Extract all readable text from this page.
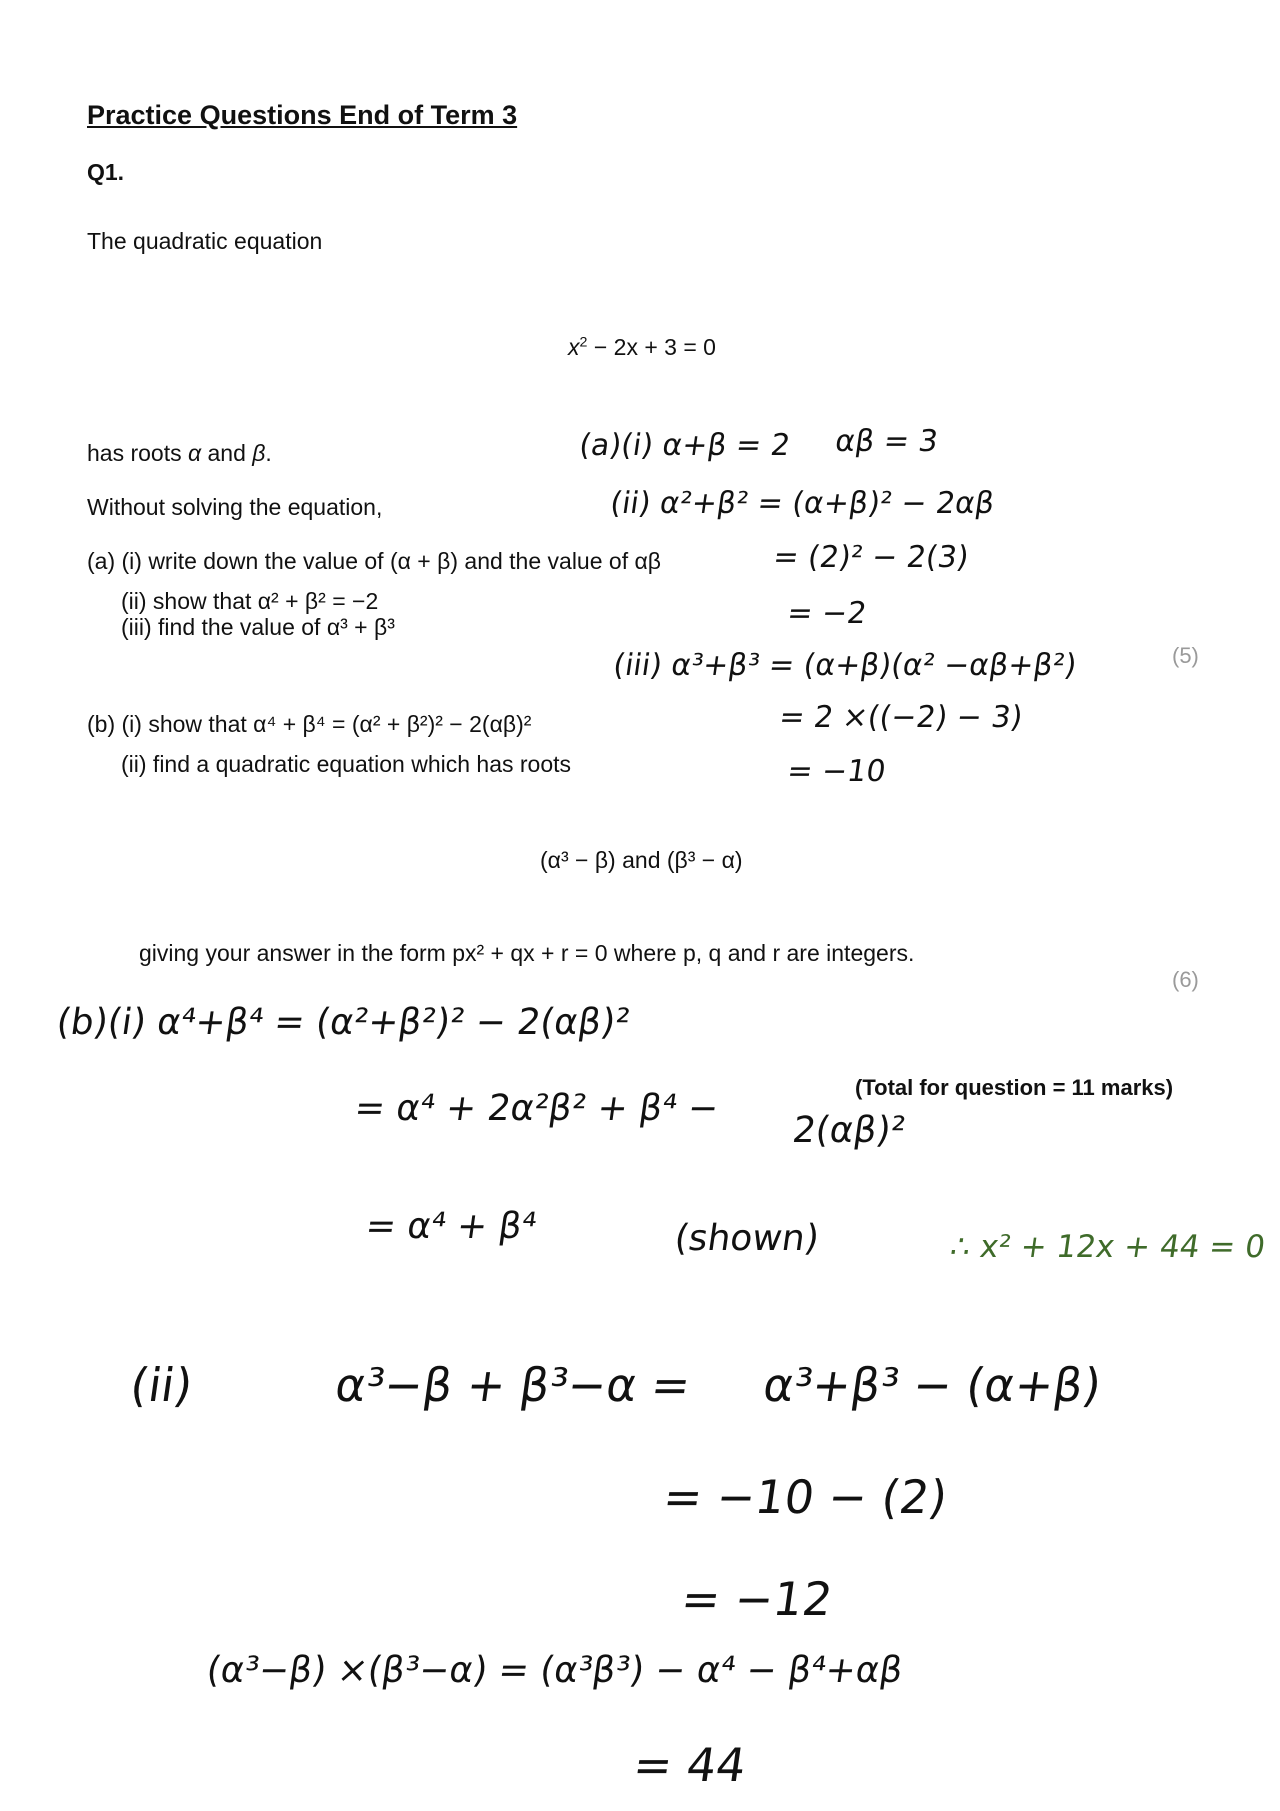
Practice Questions End of Term 3
Q1.
The quadratic equation
$x^2 - 2x + 3 = 0$
has roots α and β.
Without solving the equation,
(a) (i) write down the value of (α + β) and the value of αβ
(ii) show that α² + β² = −2
(iii) find the value of α³ + β³
(5)
(b) (i) show that α⁴ + β⁴ = (α² + β²)² − 2(αβ)²
(ii) find a quadratic equation which has roots
(α³ − β) and (β³ − α)
giving your answer in the form px² + qx + r = 0 where p, q and r are integers.
(6)
(Total for question = 11 marks)
(a)(i) α+β = 2 αβ = 3
(ii) α²+β² = (α+β)² − 2αβ
= (2)² − 2(3)
= −2
(iii) α³+β³ = (α+β)(α² −αβ+β²)
= 2 ×((−2) − 3)
= −10
(b)(i) α⁴+β⁴ = (α²+β²)² − 2(αβ)²
= α⁴ + 2α²β² + β⁴ −
2(αβ)²
= α⁴ + β⁴	(shown)	∴ x² + 12x + 44 = 0
(ii)	α³−β + β³−α = α³+β³ − (α+β)
= −10 − (2)
= −12
(α³−β) ×(β³−α) = (α³β³) − α⁴ − β⁴+αβ
= 44
